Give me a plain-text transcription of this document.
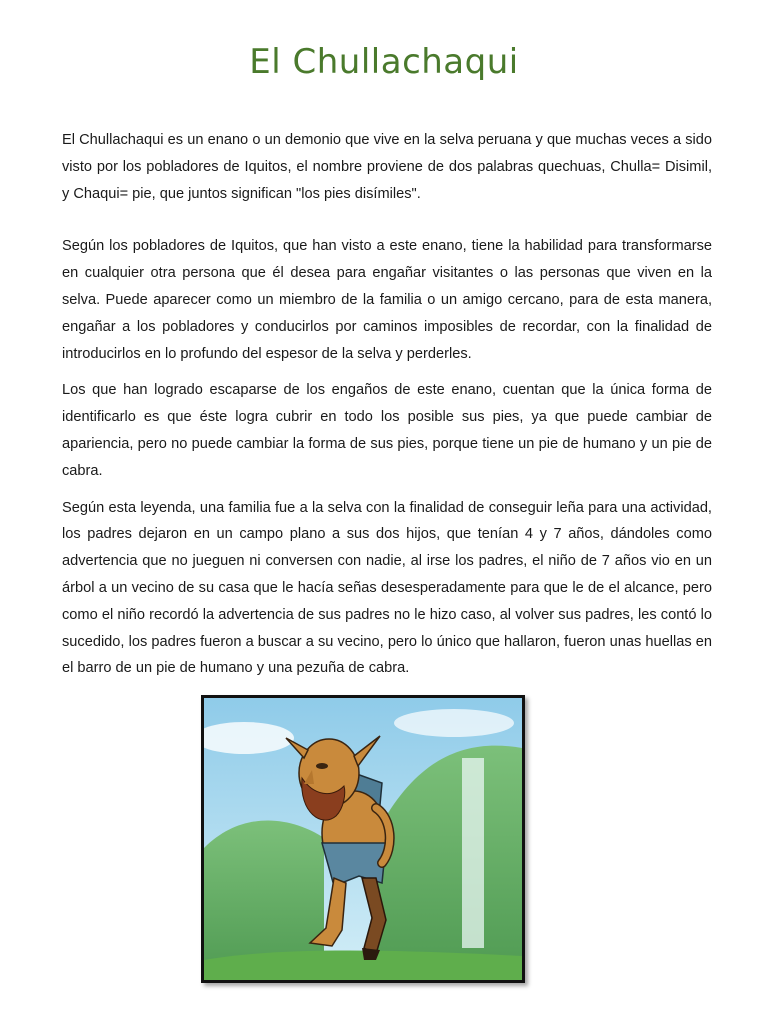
El Chullachaqui

El Chullachaqui es un enano o un demonio que vive en la selva peruana y que muchas veces a sido visto por los pobladores de Iquitos, el nombre proviene de dos palabras quechuas, Chulla= Disimil, y Chaqui= pie, que juntos significan "los pies disímiles".

Según los pobladores de Iquitos, que han visto a este enano, tiene la habilidad para transformarse en cualquier otra persona que él desea para engañar visitantes o las personas que viven en la selva. Puede aparecer como un miembro de la familia o un amigo cercano, para de esta manera, engañar a los pobladores y conducirlos por caminos imposibles de recordar, con la finalidad de introducirlos en lo profundo del espesor de la selva y perderles.

Los que han logrado escaparse de los engaños de este enano, cuentan que la única forma de identificarlo es que éste logra cubrir en todo los posible sus pies, ya que puede cambiar de apariencia, pero no puede cambiar la forma de sus pies, porque tiene un pie de humano y un pie de cabra.

Según esta leyenda, una familia fue a la selva con la finalidad de conseguir leña para una actividad, los padres dejaron en un campo plano a sus dos hijos, que tenían 4 y 7 años, dándoles como advertencia que no jueguen ni conversen con nadie, al irse los padres, el niño de 7 años vio en un árbol a un vecino de su casa que le hacía señas desesperadamente para que le de el alcance, pero como el niño recordó la advertencia de sus padres no le hizo caso, al volver sus padres, les contó lo sucedido, los padres fueron a buscar a su vecino, pero lo único que hallaron, fueron unas huellas en el barro de un pie de humano y una pezuña de cabra.
